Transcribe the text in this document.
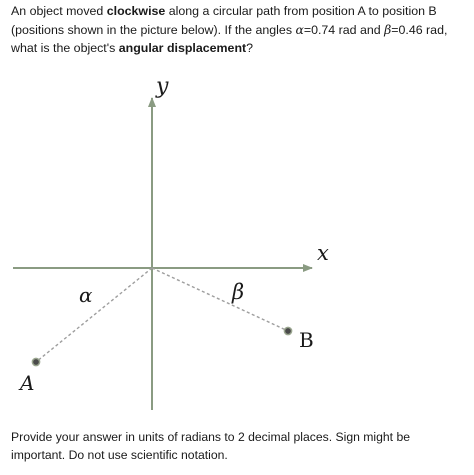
An object moved clockwise along a circular path from position A to position B (positions shown in the picture below). If the angles α=0.74 rad and β=0.46 rad, what is the object's angular displacement?
y
x
α	β
A
B
Provide your answer in units of radians to 2 decimal places. Sign might be important. Do not use scientific notation.
